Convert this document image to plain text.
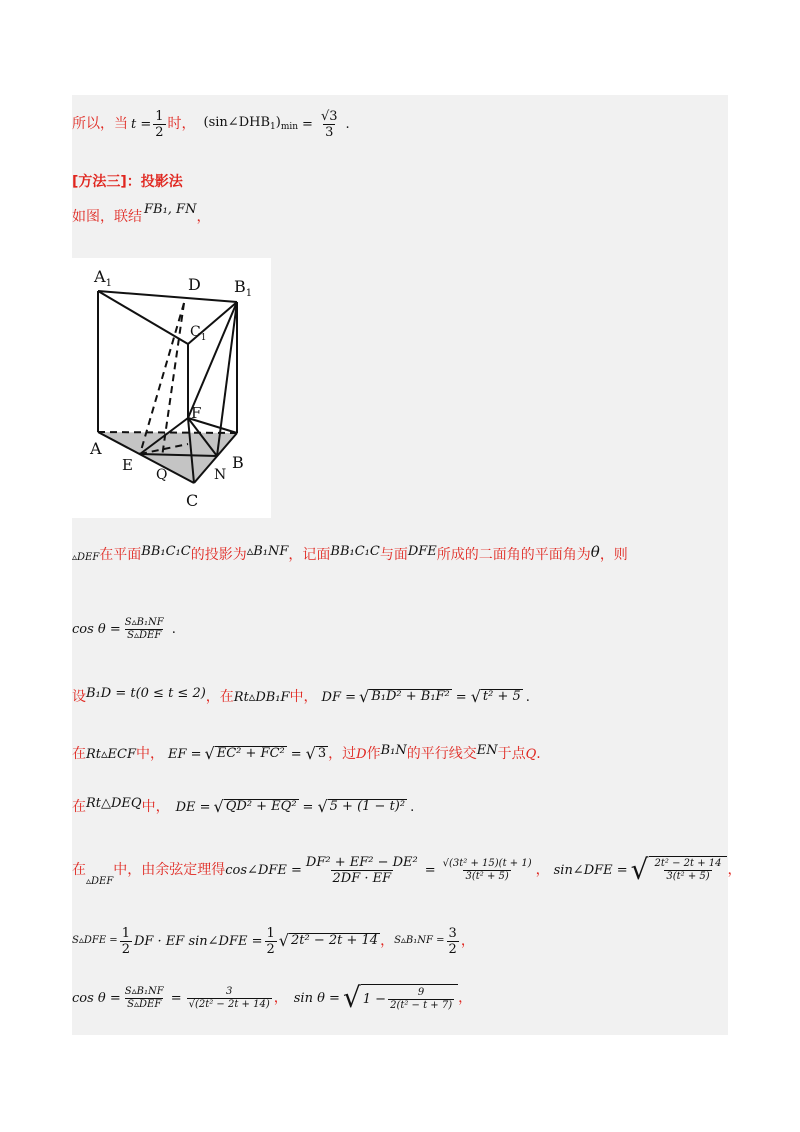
所以，当 $t = \frac{1}{2}$ 时， $(\sin\angle DHB_1)_{min} = \frac{√3}{3}$ .
[方法三]：投影法
如图，联结 FB₁, FN ，
$A_1$	D $B_1$
$C_1$
F
A
E
Q	N
B
C
▵DEF 在平面 BB₁C₁C 的投影为 ▵B₁NF ，记面 BB₁C₁C 与面 DFE 所成的二面角的平面角为 θ ，则
$\cos \theta = \frac{\text{S▵B₁NF}}{\text{S▵DEF}}$ .
设 B₁D = t(0 ≤ t ≤ 2) ，在 Rt▵DB₁F 中， DF = √ B₁D² + B₁F² = √ t² + 5 .
在 Rt▵ECF 中， EF = √ EC² + FC² = √ 3 ，过 D 作 B₁N 的平行线交 EN 于点 Q .
在 Rt△DEQ 中， DE = √ QD² + EQ² = √ 5 + (1 − t)² .
在
▵DEF
中，由余弦定理得 cos∠DFE = $\frac{\text{DF² + EF² − DE²}}{2DF \cdot EF} = \frac{\text{√(3t² + 15)(t + 1)}}{\text{3(t² + 5)}}$ ， sin∠DFE = √ $\frac{\text{2t² − 2t + 14}}{\text{3(t² + 5)}}$ ，
S▵DFE = $\frac{1}{2}$ DF · EF sin∠DFE = $\frac{1}{2}$ √ 2t² − 2t + 14 ， S▵B₁NF = $\frac{3}{2}$ ，
$\cos \theta = \frac{\text{S▵B₁NF}}{\text{S▵DEF}} = \frac{3}{\text{√(2t² − 2t + 14)}}$ ， sin θ = √ $1 - \frac{9}{\text{2(t² − t + 7)}}$ ，
